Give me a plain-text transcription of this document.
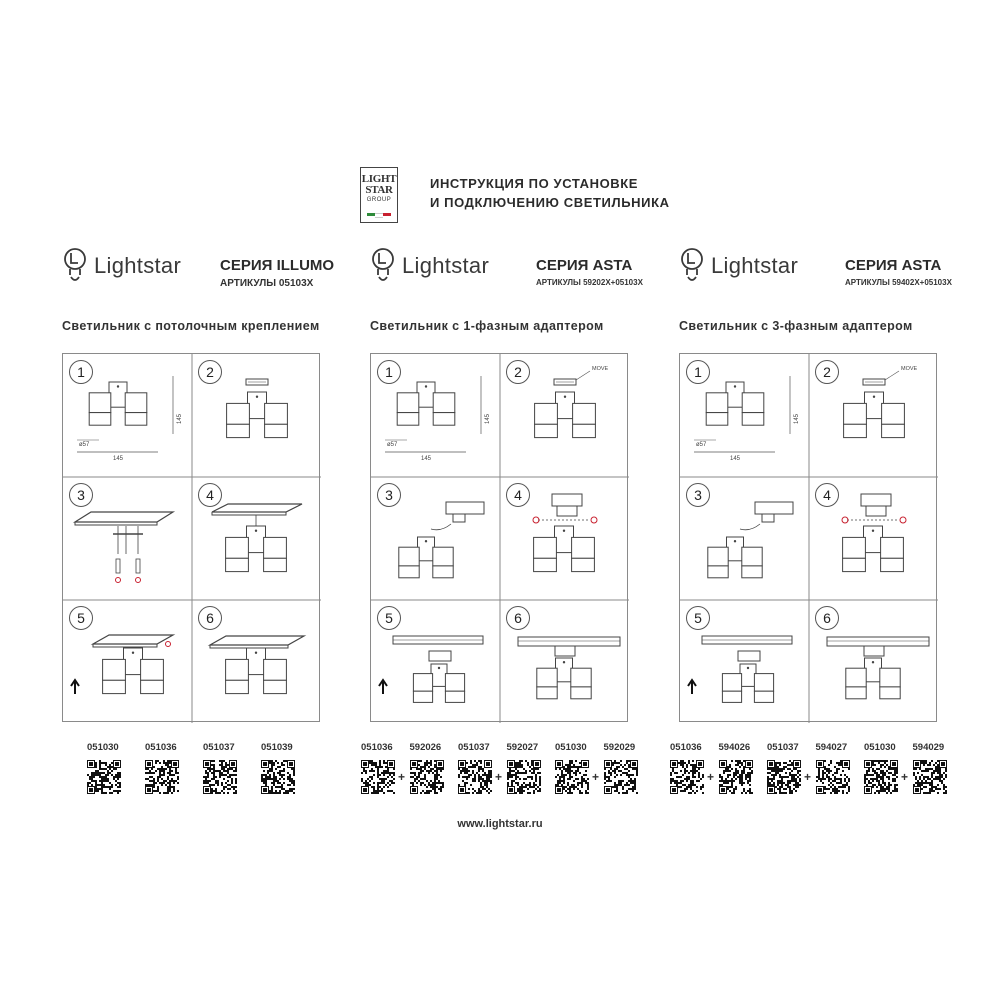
LIGHT
STAR
GROUP
ИНСТРУКЦИЯ ПО УСТАНОВКЕ
И ПОДКЛЮЧЕНИЮ СВЕТИЛЬНИКА
Lightstar	СЕРИЯ ILLUMO
АРТИКУЛЫ 05103X
Светильник с потолочным креплением
145
ø57
145
1	2
3	4
5	6
051030	051036	051037	051039
Lightstar	СЕРИЯ ASTA
АРТИКУЛЫ 59202X+05103X
Светильник с 1-фазным адаптером
145
ø57
145
MOVE
1	2
3	4
5	6
051036
+
592026 051037
+
592027 051030
+
592029
Lightstar	СЕРИЯ ASTA
АРТИКУЛЫ 59402X+05103X
Светильник с 3-фазным адаптером
145
ø57
145
MOVE
1	2
3	4
5	6
051036
+
594026 051037
+
594027 051030
+
594029
www.lightstar.ru
